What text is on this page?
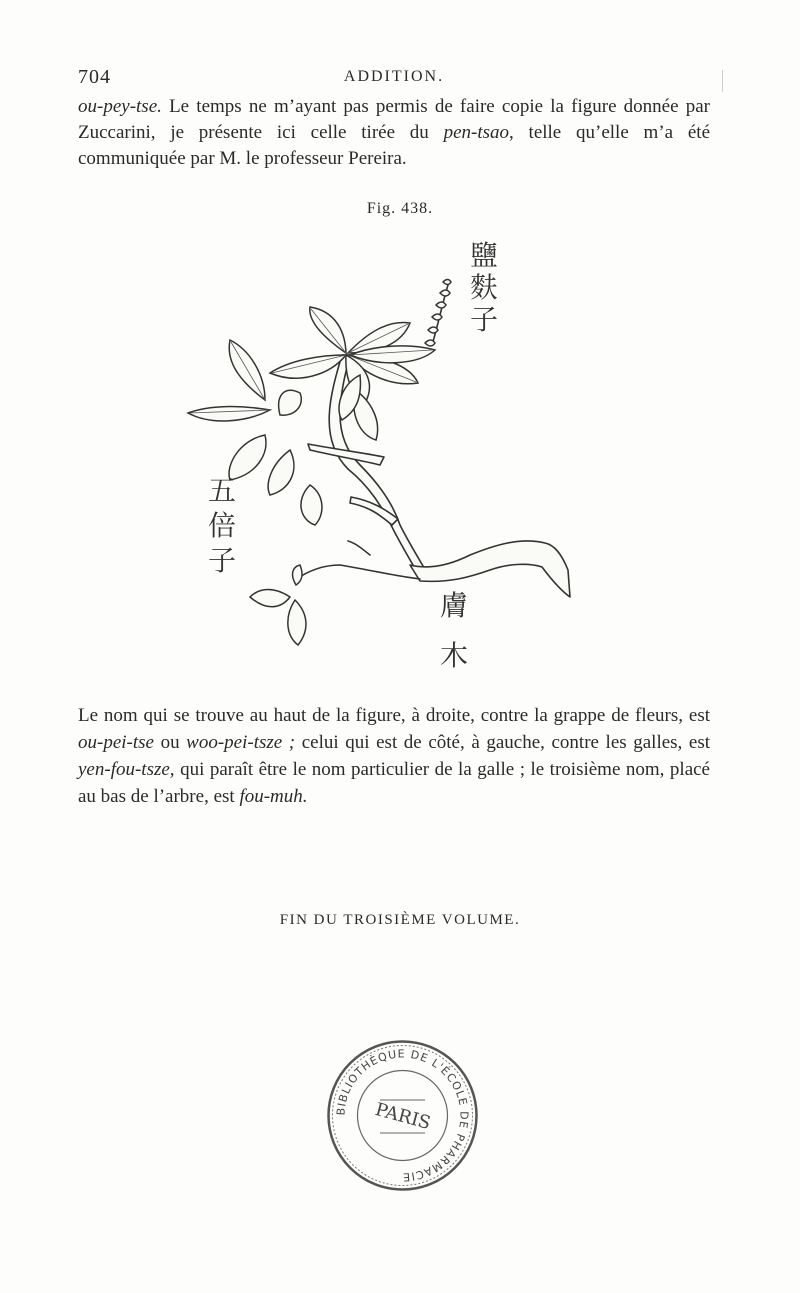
704	ADDITION.

ou-pey-tse. Le temps ne m’ayant pas permis de faire copie la figure donnée par Zuccarini, je présente ici celle tirée du pen-tsao, telle qu’elle m’a été communiquée par M. le professeur Pereira.

Fig. 438.
鹽
麩
子
五
倍
子
膚
木

Le nom qui se trouve au haut de la figure, à droite, contre la grappe de fleurs, est ou-pei-tse ou woo-pei-tsze ; celui qui est de côté, à gauche, contre les galles, est yen-fou-tsze, qui paraît être le nom particulier de la galle ; le troisième nom, placé au bas de l’arbre, est fou-muh.

FIN DU TROISIÈME VOLUME.
BIBLIOTHÈQUE DE L'ÉCOLE DE PHARMACIE
PARIS
